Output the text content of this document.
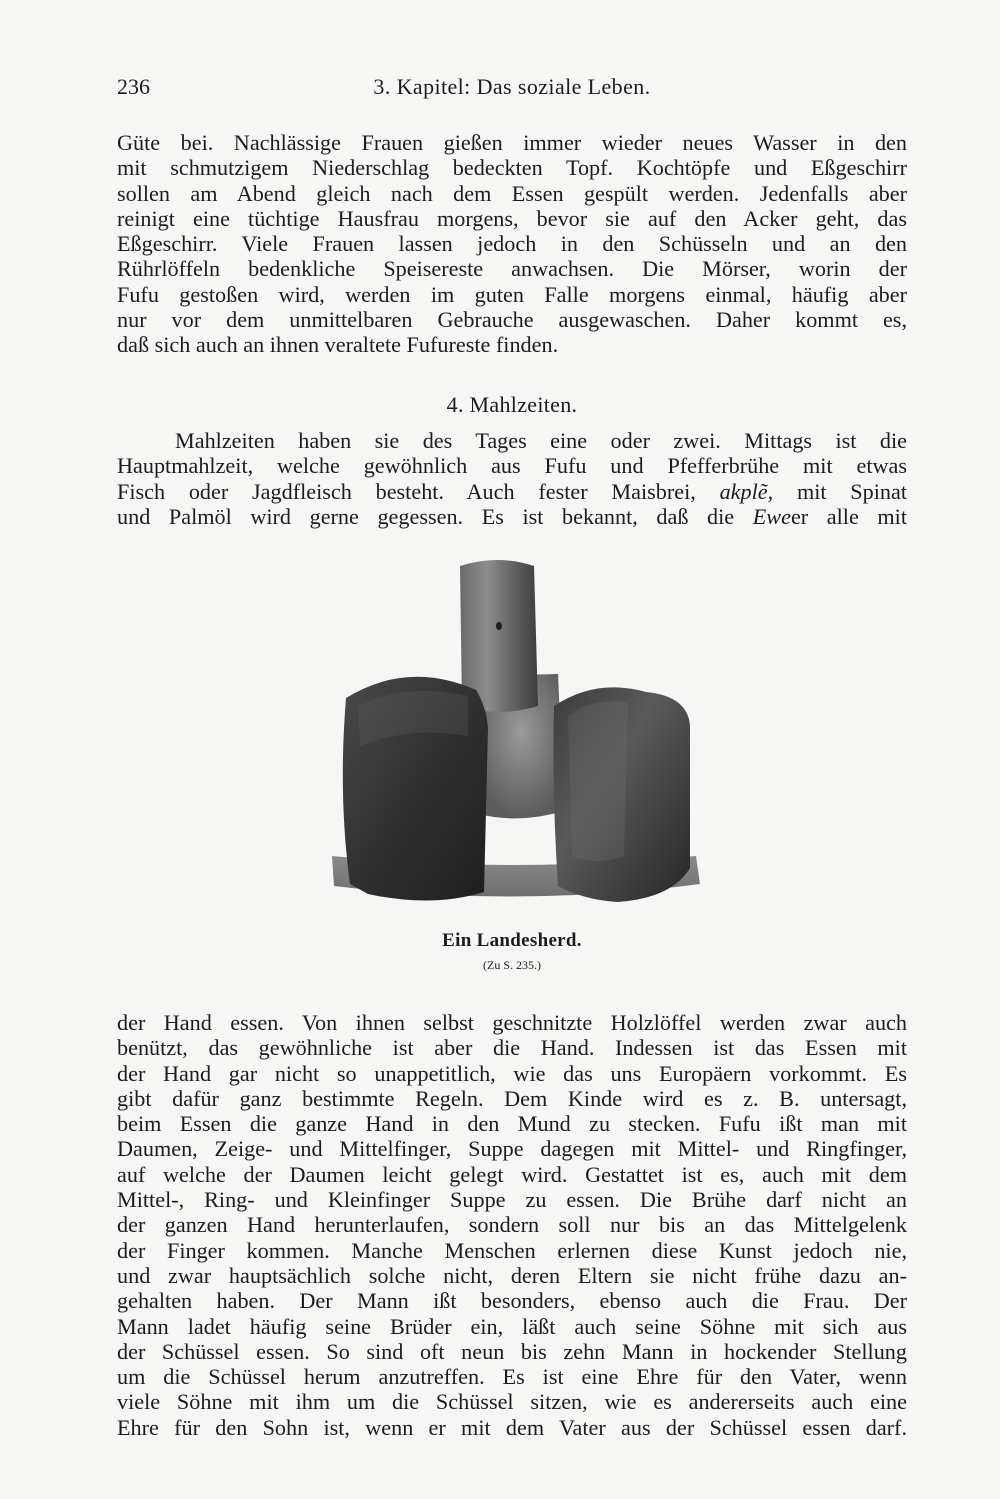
236	3. Kapitel: Das soziale Leben.

Güte bei. Nachlässige Frauen gießen immer wieder neues Wasser in den

mit schmutzigem Niederschlag bedeckten Topf. Kochtöpfe und Eßgeschirr

sollen am Abend gleich nach dem Essen gespült werden. Jedenfalls aber

reinigt eine tüchtige Hausfrau morgens, bevor sie auf den Acker geht, das

Eßgeschirr. Viele Frauen lassen jedoch in den Schüsseln und an den

Rührlöffeln bedenkliche Speisereste anwachsen. Die Mörser, worin der

Fufu gestoßen wird, werden im guten Falle morgens einmal, häufig aber

nur vor dem unmittelbaren Gebrauche ausgewaschen. Daher kommt es,

daß sich auch an ihnen veraltete Fufureste finden.

4. Mahlzeiten.

Mahlzeiten haben sie des Tages eine oder zwei. Mittags ist die

Hauptmahlzeit, welche gewöhnlich aus Fufu und Pfefferbrühe mit etwas

Fisch oder Jagdfleisch besteht. Auch fester Maisbrei, akplẽ, mit Spinat

und Palmöl wird gerne gegessen. Es ist bekannt, daß die Eweer alle mit

Ein Landesherd.
(Zu S. 235.)

der Hand essen. Von ihnen selbst geschnitzte Holzlöffel werden zwar auch

benützt, das gewöhnliche ist aber die Hand. Indessen ist das Essen mit

der Hand gar nicht so unappetitlich, wie das uns Europäern vorkommt. Es

gibt dafür ganz bestimmte Regeln. Dem Kinde wird es z. B. untersagt,

beim Essen die ganze Hand in den Mund zu stecken. Fufu ißt man mit

Daumen, Zeige- und Mittelfinger, Suppe dagegen mit Mittel- und Ringfinger,

auf welche der Daumen leicht gelegt wird. Gestattet ist es, auch mit dem

Mittel-, Ring- und Kleinfinger Suppe zu essen. Die Brühe darf nicht an

der ganzen Hand herunterlaufen, sondern soll nur bis an das Mittelgelenk

der Finger kommen. Manche Menschen erlernen diese Kunst jedoch nie,

und zwar hauptsächlich solche nicht, deren Eltern sie nicht frühe dazu an-

gehalten haben. Der Mann ißt besonders, ebenso auch die Frau. Der

Mann ladet häufig seine Brüder ein, läßt auch seine Söhne mit sich aus

der Schüssel essen. So sind oft neun bis zehn Mann in hockender Stellung

um die Schüssel herum anzutreffen. Es ist eine Ehre für den Vater, wenn

viele Söhne mit ihm um die Schüssel sitzen, wie es andererseits auch eine

Ehre für den Sohn ist, wenn er mit dem Vater aus der Schüssel essen darf.
